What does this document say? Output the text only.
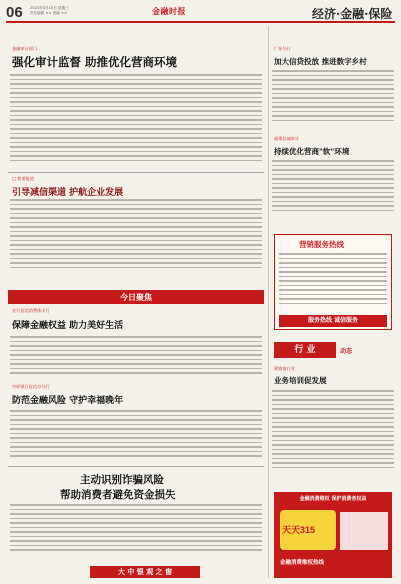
06 2023年3月15日 星期三
责任编辑 ×× 美编 ××	金融时报	经济·金融·保险
金融审计部门
强化审计监督 助推优化营商环境
□ 简要报道
引导减信渠道 护航企业发展
今日聚焦
农行征信消费体支行
保障金融权益 助力美好生活
中原银行征信办分行
防范金融风险 守护幸福晚年
主动识别诈骗风险
帮助消费者避免资金损失
大 中 银 观 之 窗
广东分行
加大信贷投放 推进数字乡村
福建县域审计
持续优化营商"软"环境
营销服务热线
服务热线 诚信服务
行 业	动态
紧商银行业
业务培训促发展
金融消费维权 保护消费者权益
天天315
金融消费维权热线
